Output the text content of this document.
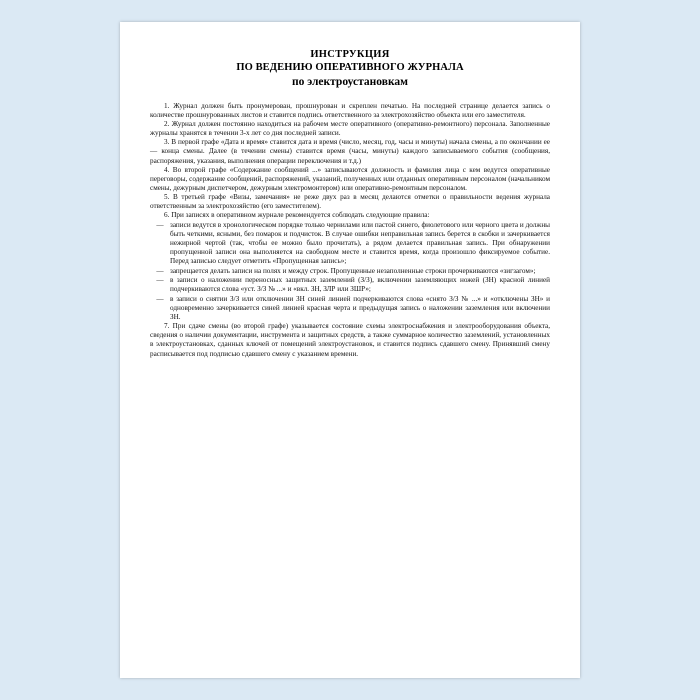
ИНСТРУКЦИЯ
ПО ВЕДЕНИЮ ОПЕРАТИВНОГО ЖУРНАЛА
по электроустановкам

1. Журнал должен быть пронумерован, прошнурован и скреплен печатью. На последней странице делается запись о количестве прошнурованных листов и ставится подпись ответственного за электрохозяйство объекта или его заместителя.

2. Журнал должен постоянно находиться на рабочем месте оперативного (оперативно-ремонтного) персонала. Заполненные журналы хранятся в течении 3-х лет со дня последней записи.

3. В первой графе «Дата и время» ставится дата и время (число, месяц, год, часы и минуты) начала смены, а по окончании ее — конца смены. Далее (в течении смены) ставится время (часы, минуты) каждого записываемого события (сообщения, распоряжения, указания, выполнения операции переключения и т.д.)

4. Во второй графе «Содержание сообщений ...» записываются должность и фамилия лица с кем ведутся оперативные переговоры, содержание сообщений, распоряжений, указаний, полученных или отданных оперативным персоналом (начальником смены, дежурным диспетчером, дежурным электромонтером) или оперативно-ремонтным персоналом.

5. В третьей графе «Визы, замечания» не реже двух раз в месяц делаются отметки о правильности ведения журнала ответственным за электрохозяйство (его заместителем).

6. При записях в оперативном журнале рекомендуется соблюдать следующие правила:

— записи ведутся в хронологическом порядке только чернилами или пастой синего, фиолетового или черного цвета и должны быть четкими, ясными, без помарок и подчисток. В случае ошибки неправильная запись берется в скобки и зачеркивается нежирной чертой (так, чтобы ее можно было прочитать), а рядом делается правильная запись. При обнаружении пропущенной записи она выполняется на свободном месте и ставится время, когда произошло фиксируемое событие. Перед записью следует отметить «Пропущенная запись»;
— запрещается делать записи на полях и между строк. Пропущенные незаполненные строки прочеркиваются «зигзагом»;
— в записи о наложении переносных защитных заземлений (З/З), включении заземляющих ножей (ЗН) красной линией подчеркиваются слова «уст. З/З № ...» и «вкл. ЗН, ЗЛР или ЗШР»;
— в записи о снятии З/З или отключении ЗН синей линией подчеркиваются слова «снято З/З № ...» и «отключены ЗН» и одновременно зачеркивается синей линией красная черта и предыдущая запись о наложении заземления или включении ЗН.

7. При сдаче смены (во второй графе) указывается состояние схемы электроснабжения и электрооборудования объекта, сведения о наличии документации, инструмента и защитных средств, а также суммарное количество заземлений, установленных в электроустановках, сданных ключей от помещений электроустановок, и ставится подпись сдавшего смену. Принявший смену расписывается под подписью сдавшего смену с указанием времени.
